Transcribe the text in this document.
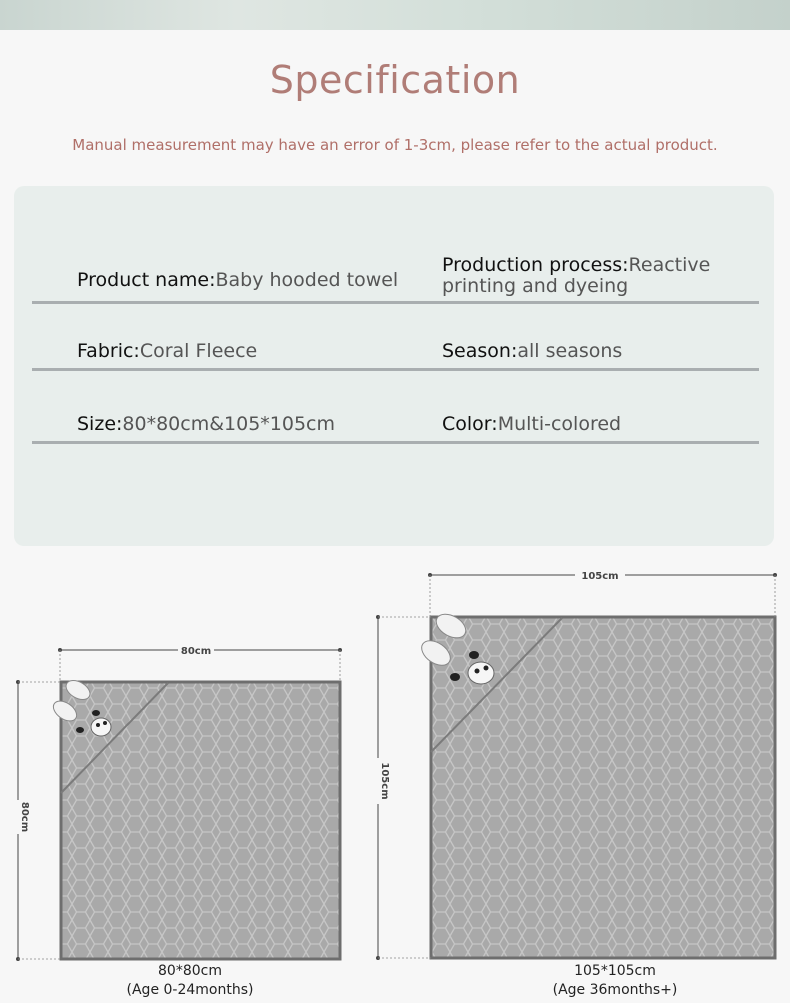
Specification
Manual measurement may have an error of 1-3cm, please refer to the actual product.
Product name:Baby hooded towel
Production process:Reactive printing and dyeing
Fabric:Coral Fleece	Season:all seasons
Size:80*80cm&105*105cm	Color:Multi-colored
80cm
80cm
105cm
105cm
80*80cm
(Age 0-24months)
105*105cm
(Age 36months+)
